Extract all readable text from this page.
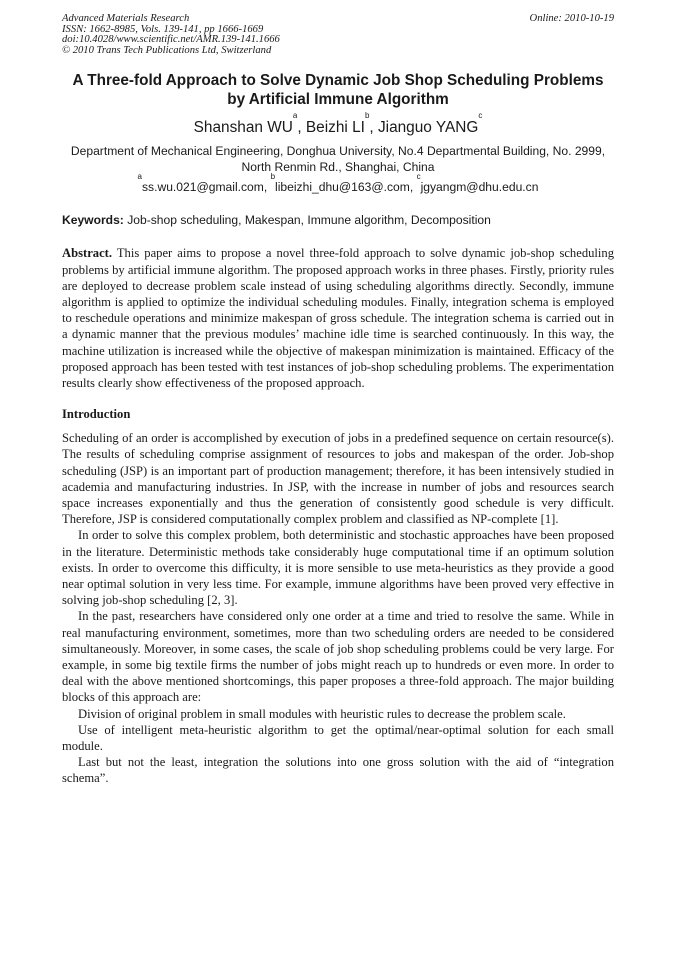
Advanced Materials Research
ISSN: 1662-8985, Vols. 139-141, pp 1666-1669
doi:10.4028/www.scientific.net/AMR.139-141.1666
© 2010 Trans Tech Publications Ltd, Switzerland
Online: 2010-10-19
A Three-fold Approach to Solve Dynamic Job Shop Scheduling Problems by Artificial Immune Algorithm
Shanshan $WU^a$, Beizhi $LI^b$, Jianguo YANG$^c$
Department of Mechanical Engineering, Donghua University, No.4 Departmental Building, No. 2999, North Renmin Rd., Shanghai, China
$^a$ss.wu.021@gmail.com, $^b$libeizhi_dhu@163@.com, $^c$jgyangm@dhu.edu.cn
Keywords: Job-shop scheduling, Makespan, Immune algorithm, Decomposition

Abstract. This paper aims to propose a novel three-fold approach to solve dynamic job-shop scheduling problems by artificial immune algorithm. The proposed approach works in three phases. Firstly, priority rules are deployed to decrease problem scale instead of using scheduling algorithms directly. Secondly, immune algorithm is applied to optimize the individual scheduling modules. Finally, integration schema is employed to reschedule operations and minimize makespan of gross schedule. The integration schema is carried out in a dynamic manner that the previous modules’ machine idle time is searched continuously. In this way, the machine utilization is increased while the objective of makespan minimization is maintained. Efficacy of the proposed approach has been tested with test instances of job-shop scheduling problems. The experimentation results clearly show effectiveness of the proposed approach.

Introduction

Scheduling of an order is accomplished by execution of jobs in a predefined sequence on certain resource(s). The results of scheduling comprise assignment of resources to jobs and makespan of the order. Job-shop scheduling (JSP) is an important part of production management; therefore, it has been intensively studied in academia and manufacturing industries. In JSP, with the increase in number of jobs and resources search space increases exponentially and thus the generation of consistently good schedule is very difficult. Therefore, JSP is considered computationally complex problem and classified as NP-complete [1].

In order to solve this complex problem, both deterministic and stochastic approaches have been proposed in the literature. Deterministic methods take considerably huge computational time if an optimum solution exists. In order to overcome this difficulty, it is more sensible to use meta-heuristics as they provide a good near optimal solution in very less time. For example, immune algorithms have been proved very effective in solving job-shop scheduling [2, 3].

In the past, researchers have considered only one order at a time and tried to resolve the same. While in real manufacturing environment, sometimes, more than two scheduling orders are needed to be considered simultaneously. Moreover, in some cases, the scale of job shop scheduling problems could be very large. For example, in some big textile firms the number of jobs might reach up to hundreds or even more. In order to deal with the above mentioned shortcomings, this paper proposes a three-fold approach. The major building blocks of this approach are:

Division of original problem in small modules with heuristic rules to decrease the problem scale.

Use of intelligent meta-heuristic algorithm to get the optimal/near-optimal solution for each small module.

Last but not the least, integration the solutions into one gross solution with the aid of “integration schema”.
